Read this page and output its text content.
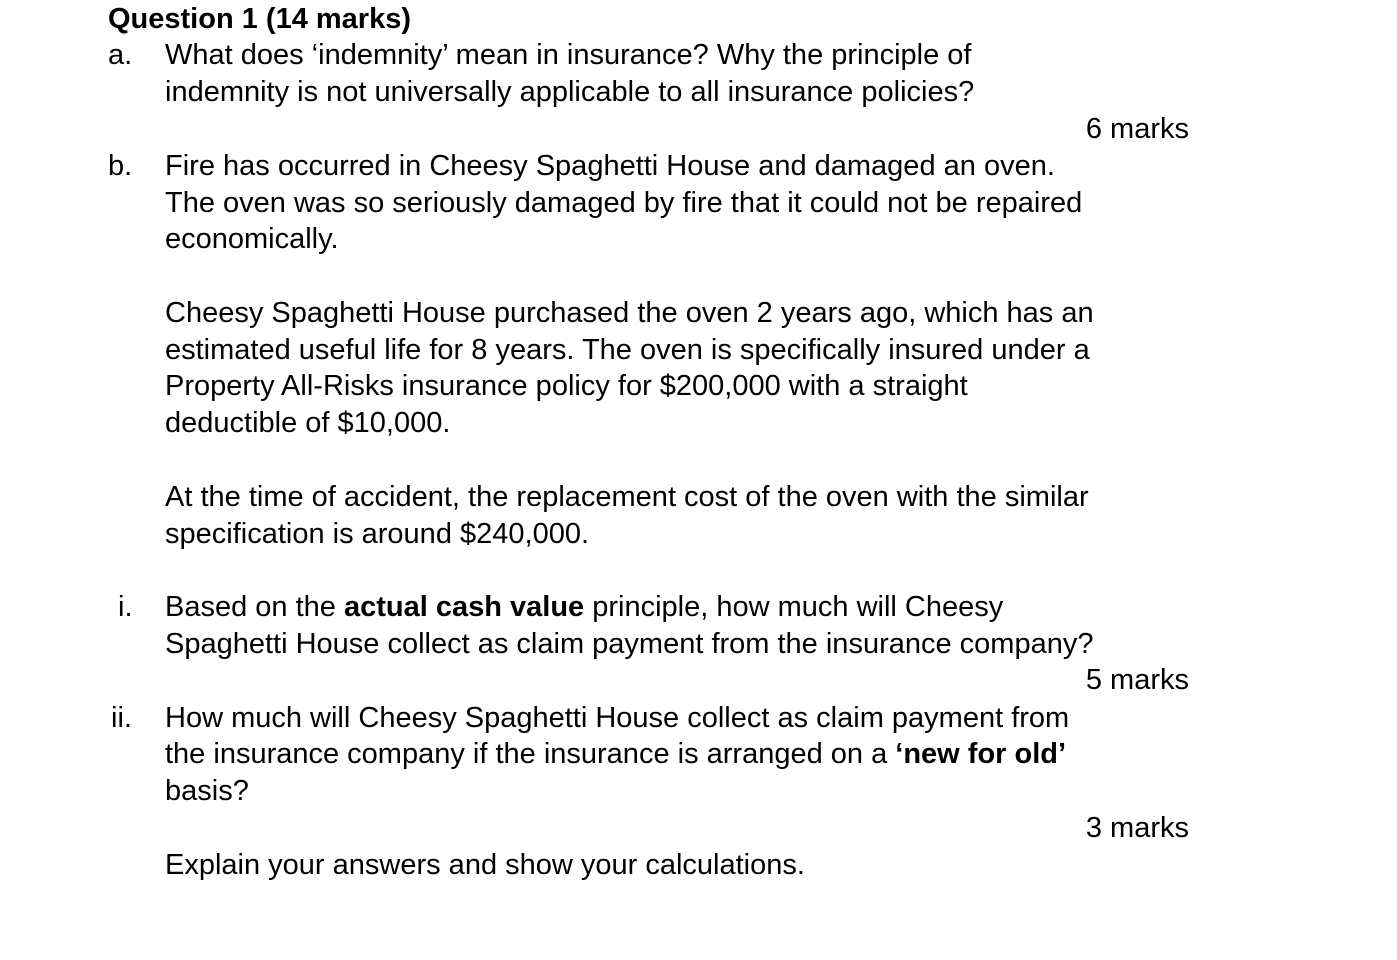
Question 1 (14 marks)
a. What does ‘indemnity’ mean in insurance? Why the principle of
indemnity is not universally applicable to all insurance policies?
6 marks
b. Fire has occurred in Cheesy Spaghetti House and damaged an oven.
The oven was so seriously damaged by fire that it could not be repaired
economically.
Cheesy Spaghetti House purchased the oven 2 years ago, which has an
estimated useful life for 8 years. The oven is specifically insured under a
Property All-Risks insurance policy for $200,000 with a straight
deductible of $10,000.
At the time of accident, the replacement cost of the oven with the similar
specification is around $240,000.
i. Based on the actual cash value principle, how much will Cheesy
Spaghetti House collect as claim payment from the insurance company?
5 marks
ii. How much will Cheesy Spaghetti House collect as claim payment from
the insurance company if the insurance is arranged on a ‘new for old’
basis?
3 marks
Explain your answers and show your calculations.
